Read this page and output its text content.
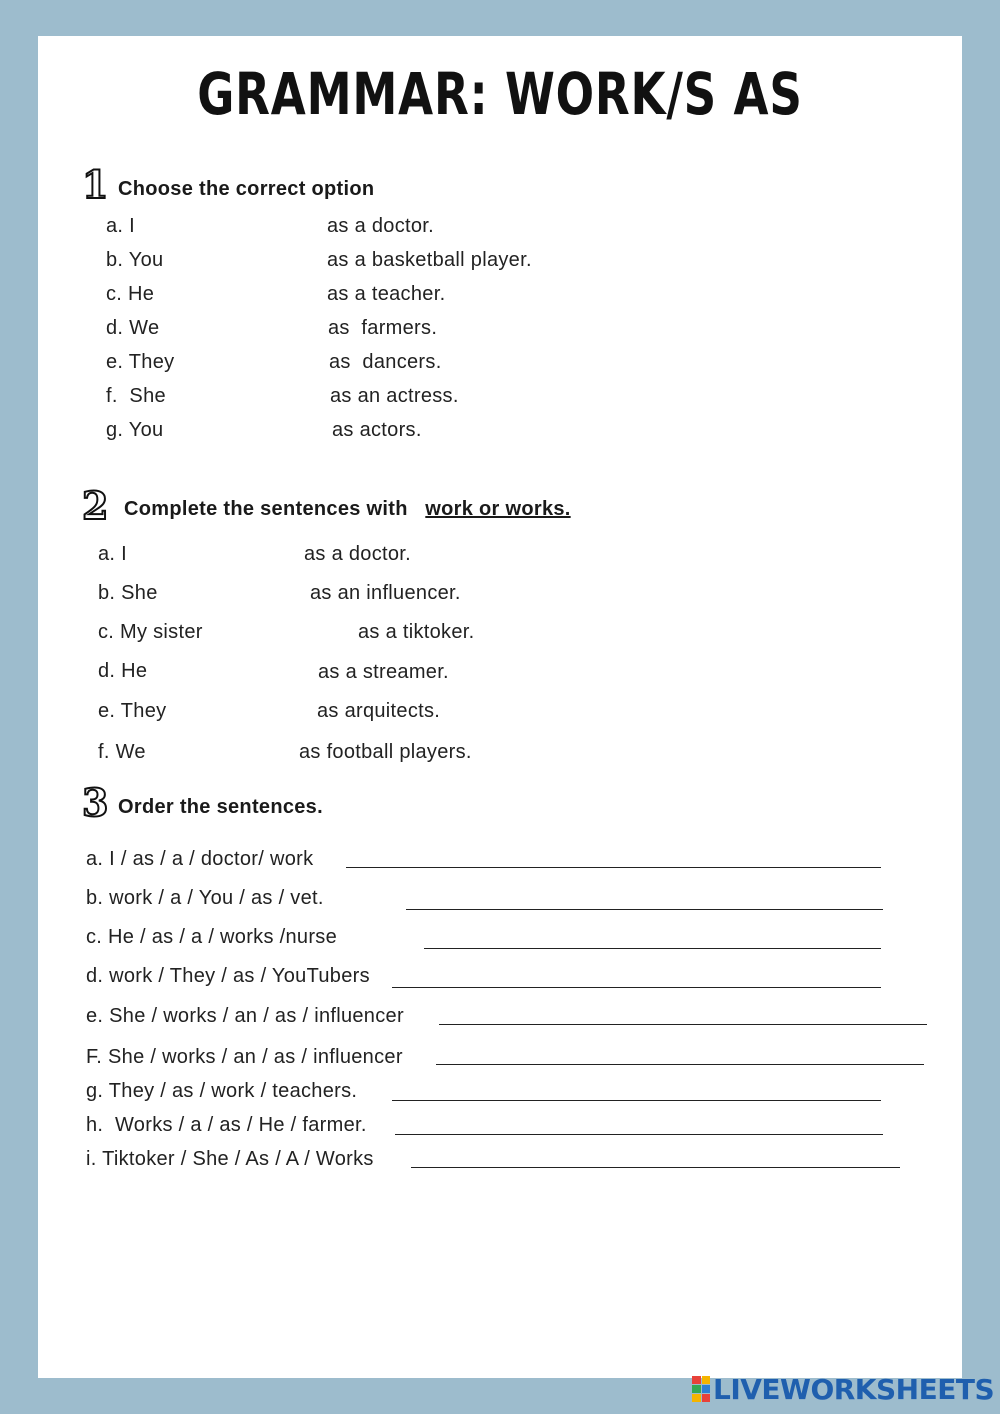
GRAMMAR: WORK/S AS
1 Choose the correct option
a. I	as a doctor.
b. You	as a basketball player.
c. He	as a teacher.
d. We	as  farmers.
e. They	as  dancers.
f.  She	as an actress.
g. You	as actors.
2 Complete the sentences with work or works.
a. I	as a doctor.
b. She	as an influencer.
c. My sister	as a tiktoker.
d. He	as a streamer.
e. They	as arquitects.
f. We	as football players.
3 Order the sentences.
a. I / as / a / doctor/ work
b. work / a / You / as / vet.
c. He / as / a / works /nurse
d. work / They / as / YouTubers
e. She / works / an / as / influencer
F. She / works / an / as / influencer
g. They / as / work / teachers.
h.  Works / a / as / He / farmer.
i. Tiktoker / She / As / A / Works
LIVEWORKSHEETS
